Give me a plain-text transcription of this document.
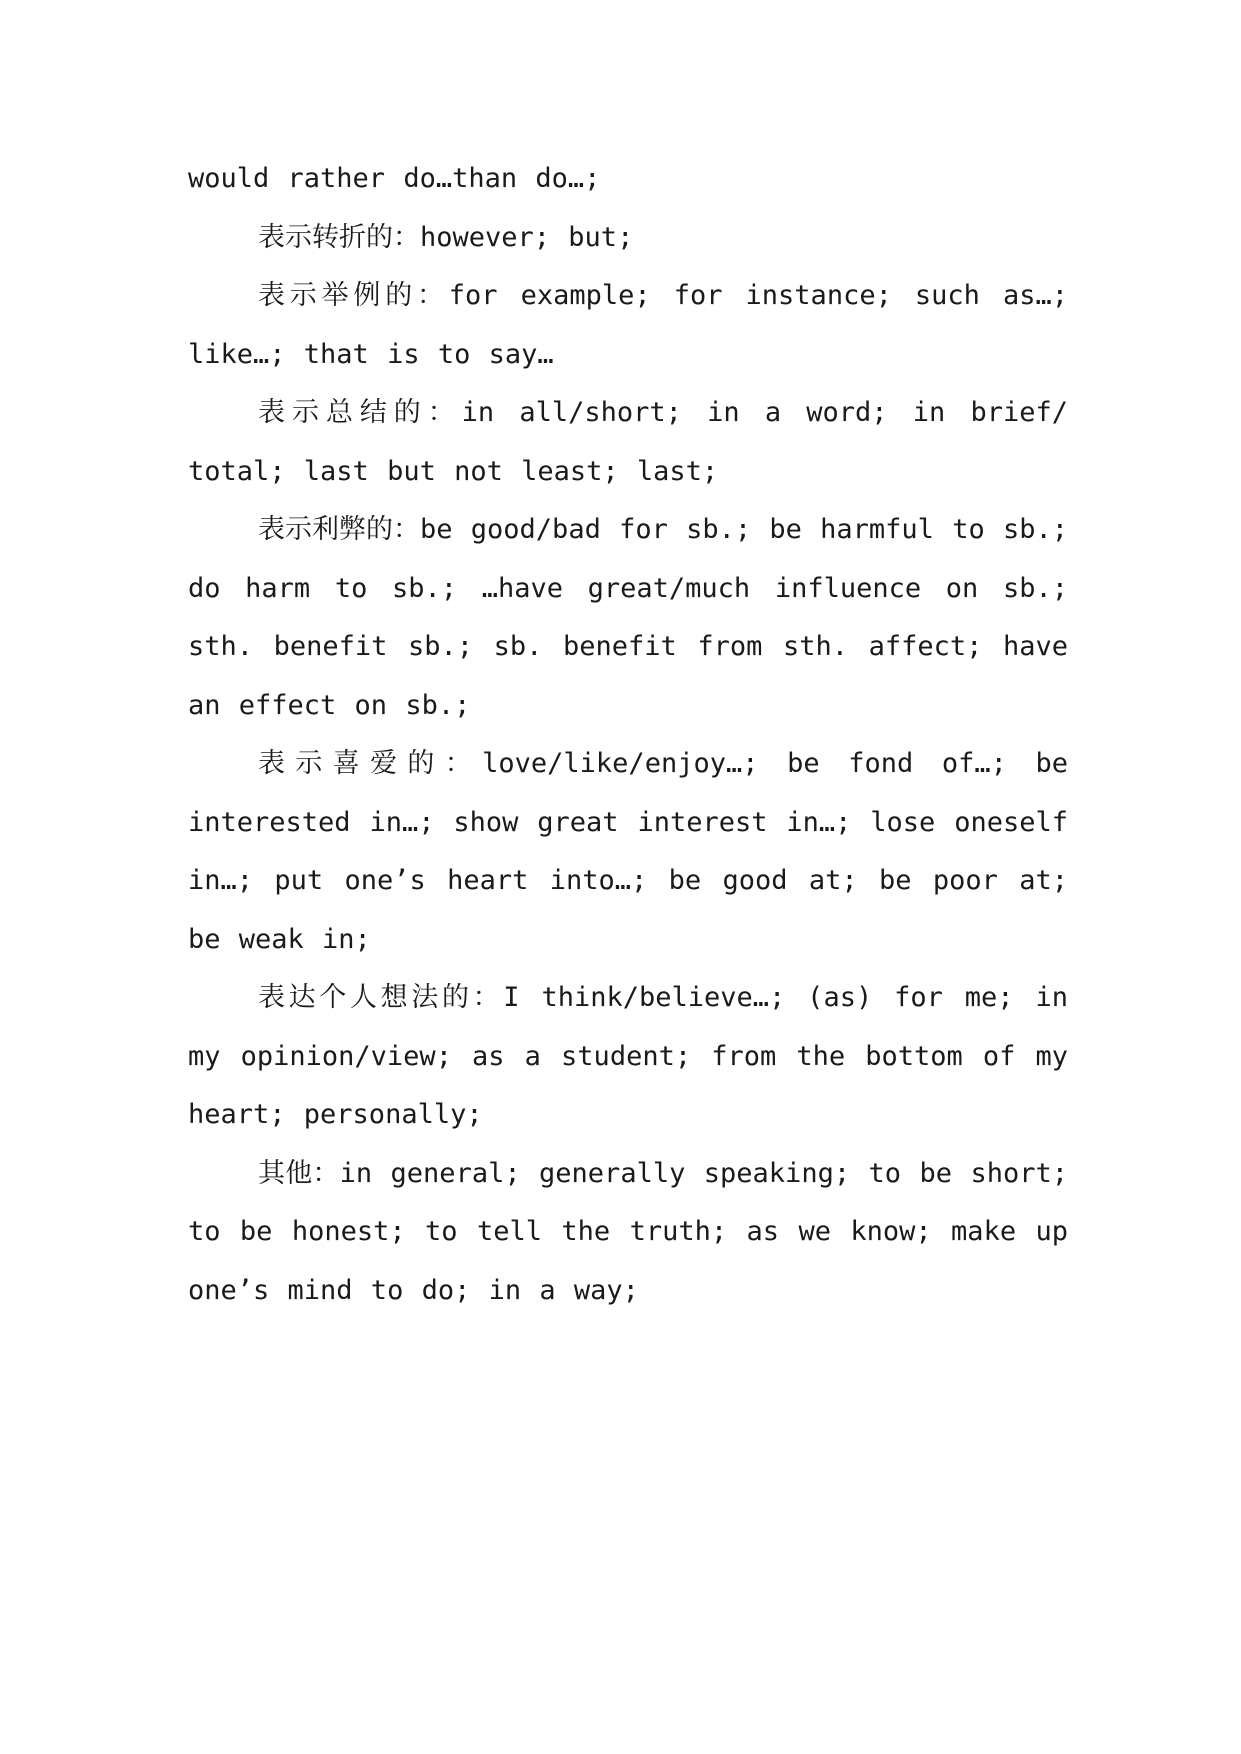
would rather do…than do…;

表示转折的：however; but;

表示举例的：for example; for instance; such as…; like…; that is to say…

表示总结的：in all/short; in a word; in brief/ total; last but not least; last;

表示利弊的：be good/bad for sb.; be harmful to sb.; do harm to sb.; …have great/much influence on sb.; sth. benefit sb.; sb. benefit from sth. affect; have an effect on sb.;

表示喜爱的：love/like/enjoy…; be fond of…; be interested in…; show great interest in…; lose oneself in…; put one’s heart into…; be good at; be poor at; be weak in;

表达个人想法的：I think/believe…; (as) for me; in my opinion/view; as a student; from the bottom of my heart; personally;

其他：in general; generally speaking; to be short; to be honest; to tell the truth; as we know; make up one’s mind to do; in a way;
